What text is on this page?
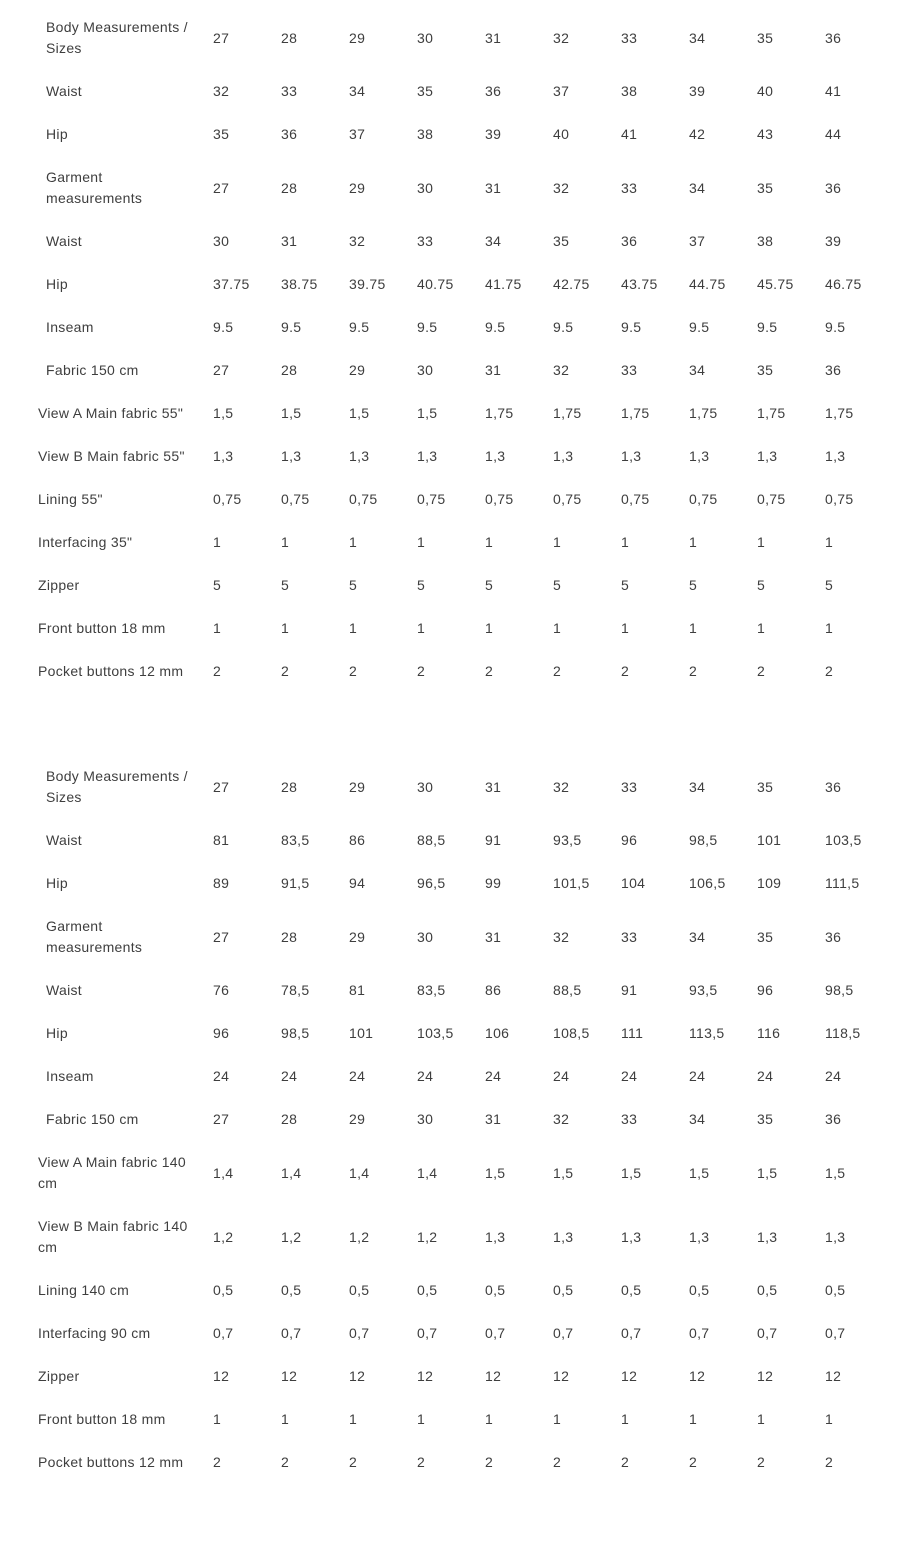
Body Measurements / Sizes	27	28	29	30	31	32	33	34	35	36
Waist	32	33	34	35	36	37	38	39	40	41
Hip	35	36	37	38	39	40	41	42	43	44
Garment measurements	27	28	29	30	31	32	33	34	35	36
Waist	30	31	32	33	34	35	36	37	38	39
Hip	37.75	38.75	39.75	40.75	41.75	42.75	43.75	44.75	45.75	46.75
Inseam	9.5	9.5	9.5	9.5	9.5	9.5	9.5	9.5	9.5	9.5
Fabric 150 cm	27	28	29	30	31	32	33	34	35	36
View A Main fabric 55"	1,5	1,5	1,5	1,5	1,75	1,75	1,75	1,75	1,75	1,75
View B Main fabric 55"	1,3	1,3	1,3	1,3	1,3	1,3	1,3	1,3	1,3	1,3
Lining 55"	0,75	0,75	0,75	0,75	0,75	0,75	0,75	0,75	0,75	0,75
Interfacing 35"	1	1	1	1	1	1	1	1	1	1
Zipper	5	5	5	5	5	5	5	5	5	5
Front button 18 mm	1	1	1	1	1	1	1	1	1	1
Pocket buttons 12 mm	2	2	2	2	2	2	2	2	2	2
Body Measurements / Sizes	27	28	29	30	31	32	33	34	35	36
Waist	81	83,5	86	88,5	91	93,5	96	98,5	101	103,5
Hip	89	91,5	94	96,5	99	101,5	104	106,5	109	111,5
Garment measurements	27	28	29	30	31	32	33	34	35	36
Waist	76	78,5	81	83,5	86	88,5	91	93,5	96	98,5
Hip	96	98,5	101	103,5	106	108,5	111	113,5	116	118,5
Inseam	24	24	24	24	24	24	24	24	24	24
Fabric 150 cm	27	28	29	30	31	32	33	34	35	36
View A Main fabric 140 cm	1,4	1,4	1,4	1,4	1,5	1,5	1,5	1,5	1,5	1,5
View B Main fabric 140 cm	1,2	1,2	1,2	1,2	1,3	1,3	1,3	1,3	1,3	1,3
Lining 140 cm	0,5	0,5	0,5	0,5	0,5	0,5	0,5	0,5	0,5	0,5
Interfacing 90 cm	0,7	0,7	0,7	0,7	0,7	0,7	0,7	0,7	0,7	0,7
Zipper	12	12	12	12	12	12	12	12	12	12
Front button 18 mm	1	1	1	1	1	1	1	1	1	1
Pocket buttons 12 mm	2	2	2	2	2	2	2	2	2	2
